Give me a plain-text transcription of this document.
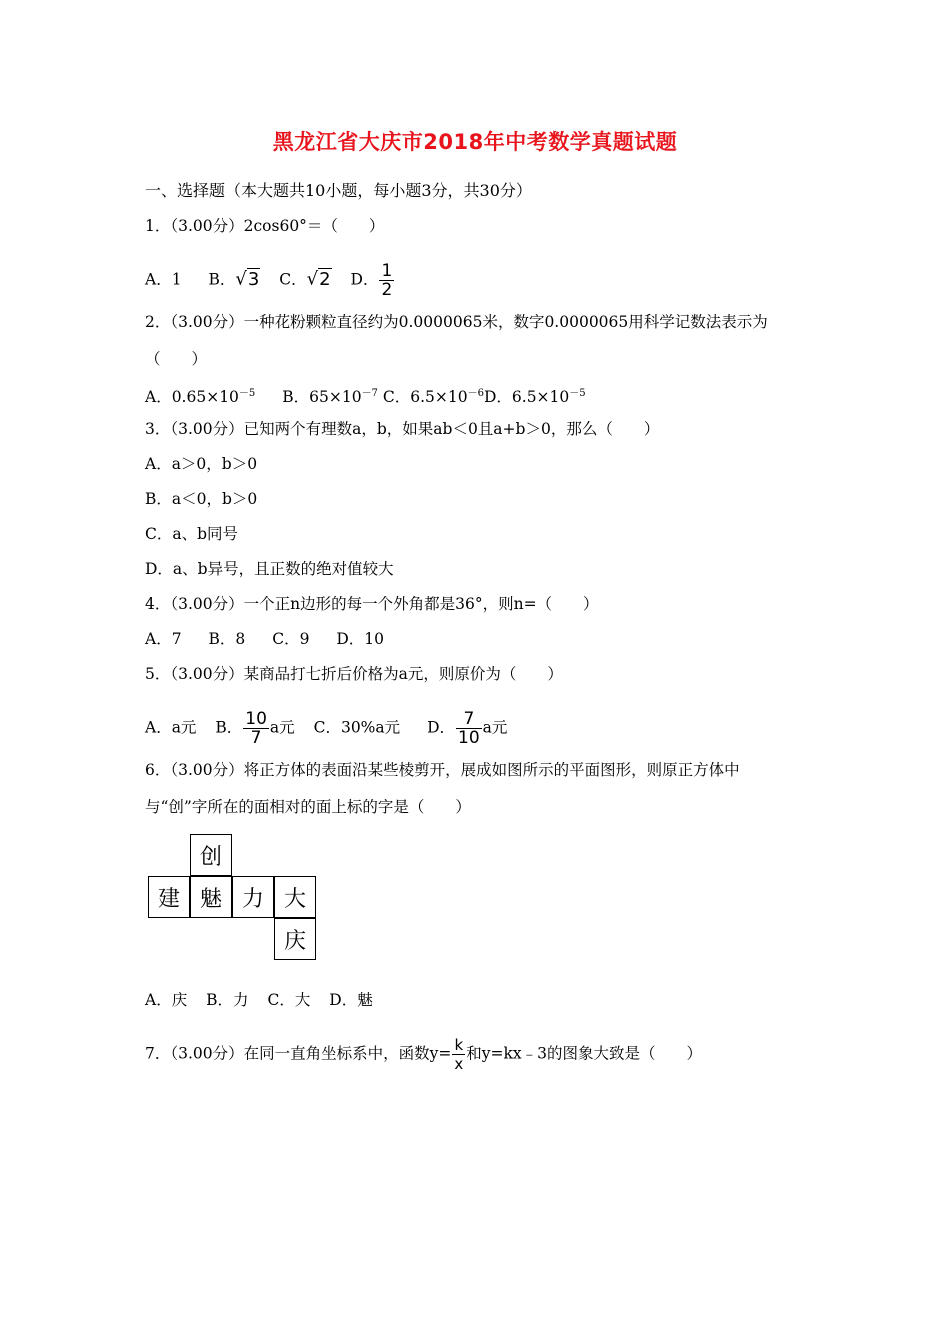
黑龙江省大庆市2018年中考数学真题试题
一、选择题（本大题共10小题，每小题3分，共30分）
1．（3.00分）2cos60°＝（　　）
A．1 B．√3 C．√2 D． $\frac{1}{2}$
2．（3.00分）一种花粉颗粒直径约为0.0000065米，数字0.0000065用科学记数法表示为
（　　）
A．$0.65\times 10^{-5}$ B．$65\times 10^{-7}$ C．$6.5\times 10^{-6}D$．$6.5\times 10^{-5}$
3．（3.00分）已知两个有理数a，b，如果ab＜0且a+b＞0，那么（　　）
A．a＞0，b＞0
B．a＜0，b＞0
C．a、b同号
D．a、b异号，且正数的绝对值较大
4．（3.00分）一个正n边形的每一个外角都是36°，则n=（　　）
A．7 B．8 C．9 D．10
5．（3.00分）某商品打七折后价格为a元，则原价为（　　）
A．a元 B． $\frac{10}{7}$ a元 C．30%a元 D． $\frac{7}{10}$ a元
6．（3.00分）将正方体的表面沿某些棱剪开，展成如图所示的平面图形，则原正方体中
与“创”字所在的面相对的面上标的字是（　　）
创
建 魅 力 大
庆
A．庆 B．力 C．大 D．魅
7．（3.00分）在同一直角坐标系中，函数$y= \frac{k}{x}$ 和y=kx﹣3的图象大致是（　　）
